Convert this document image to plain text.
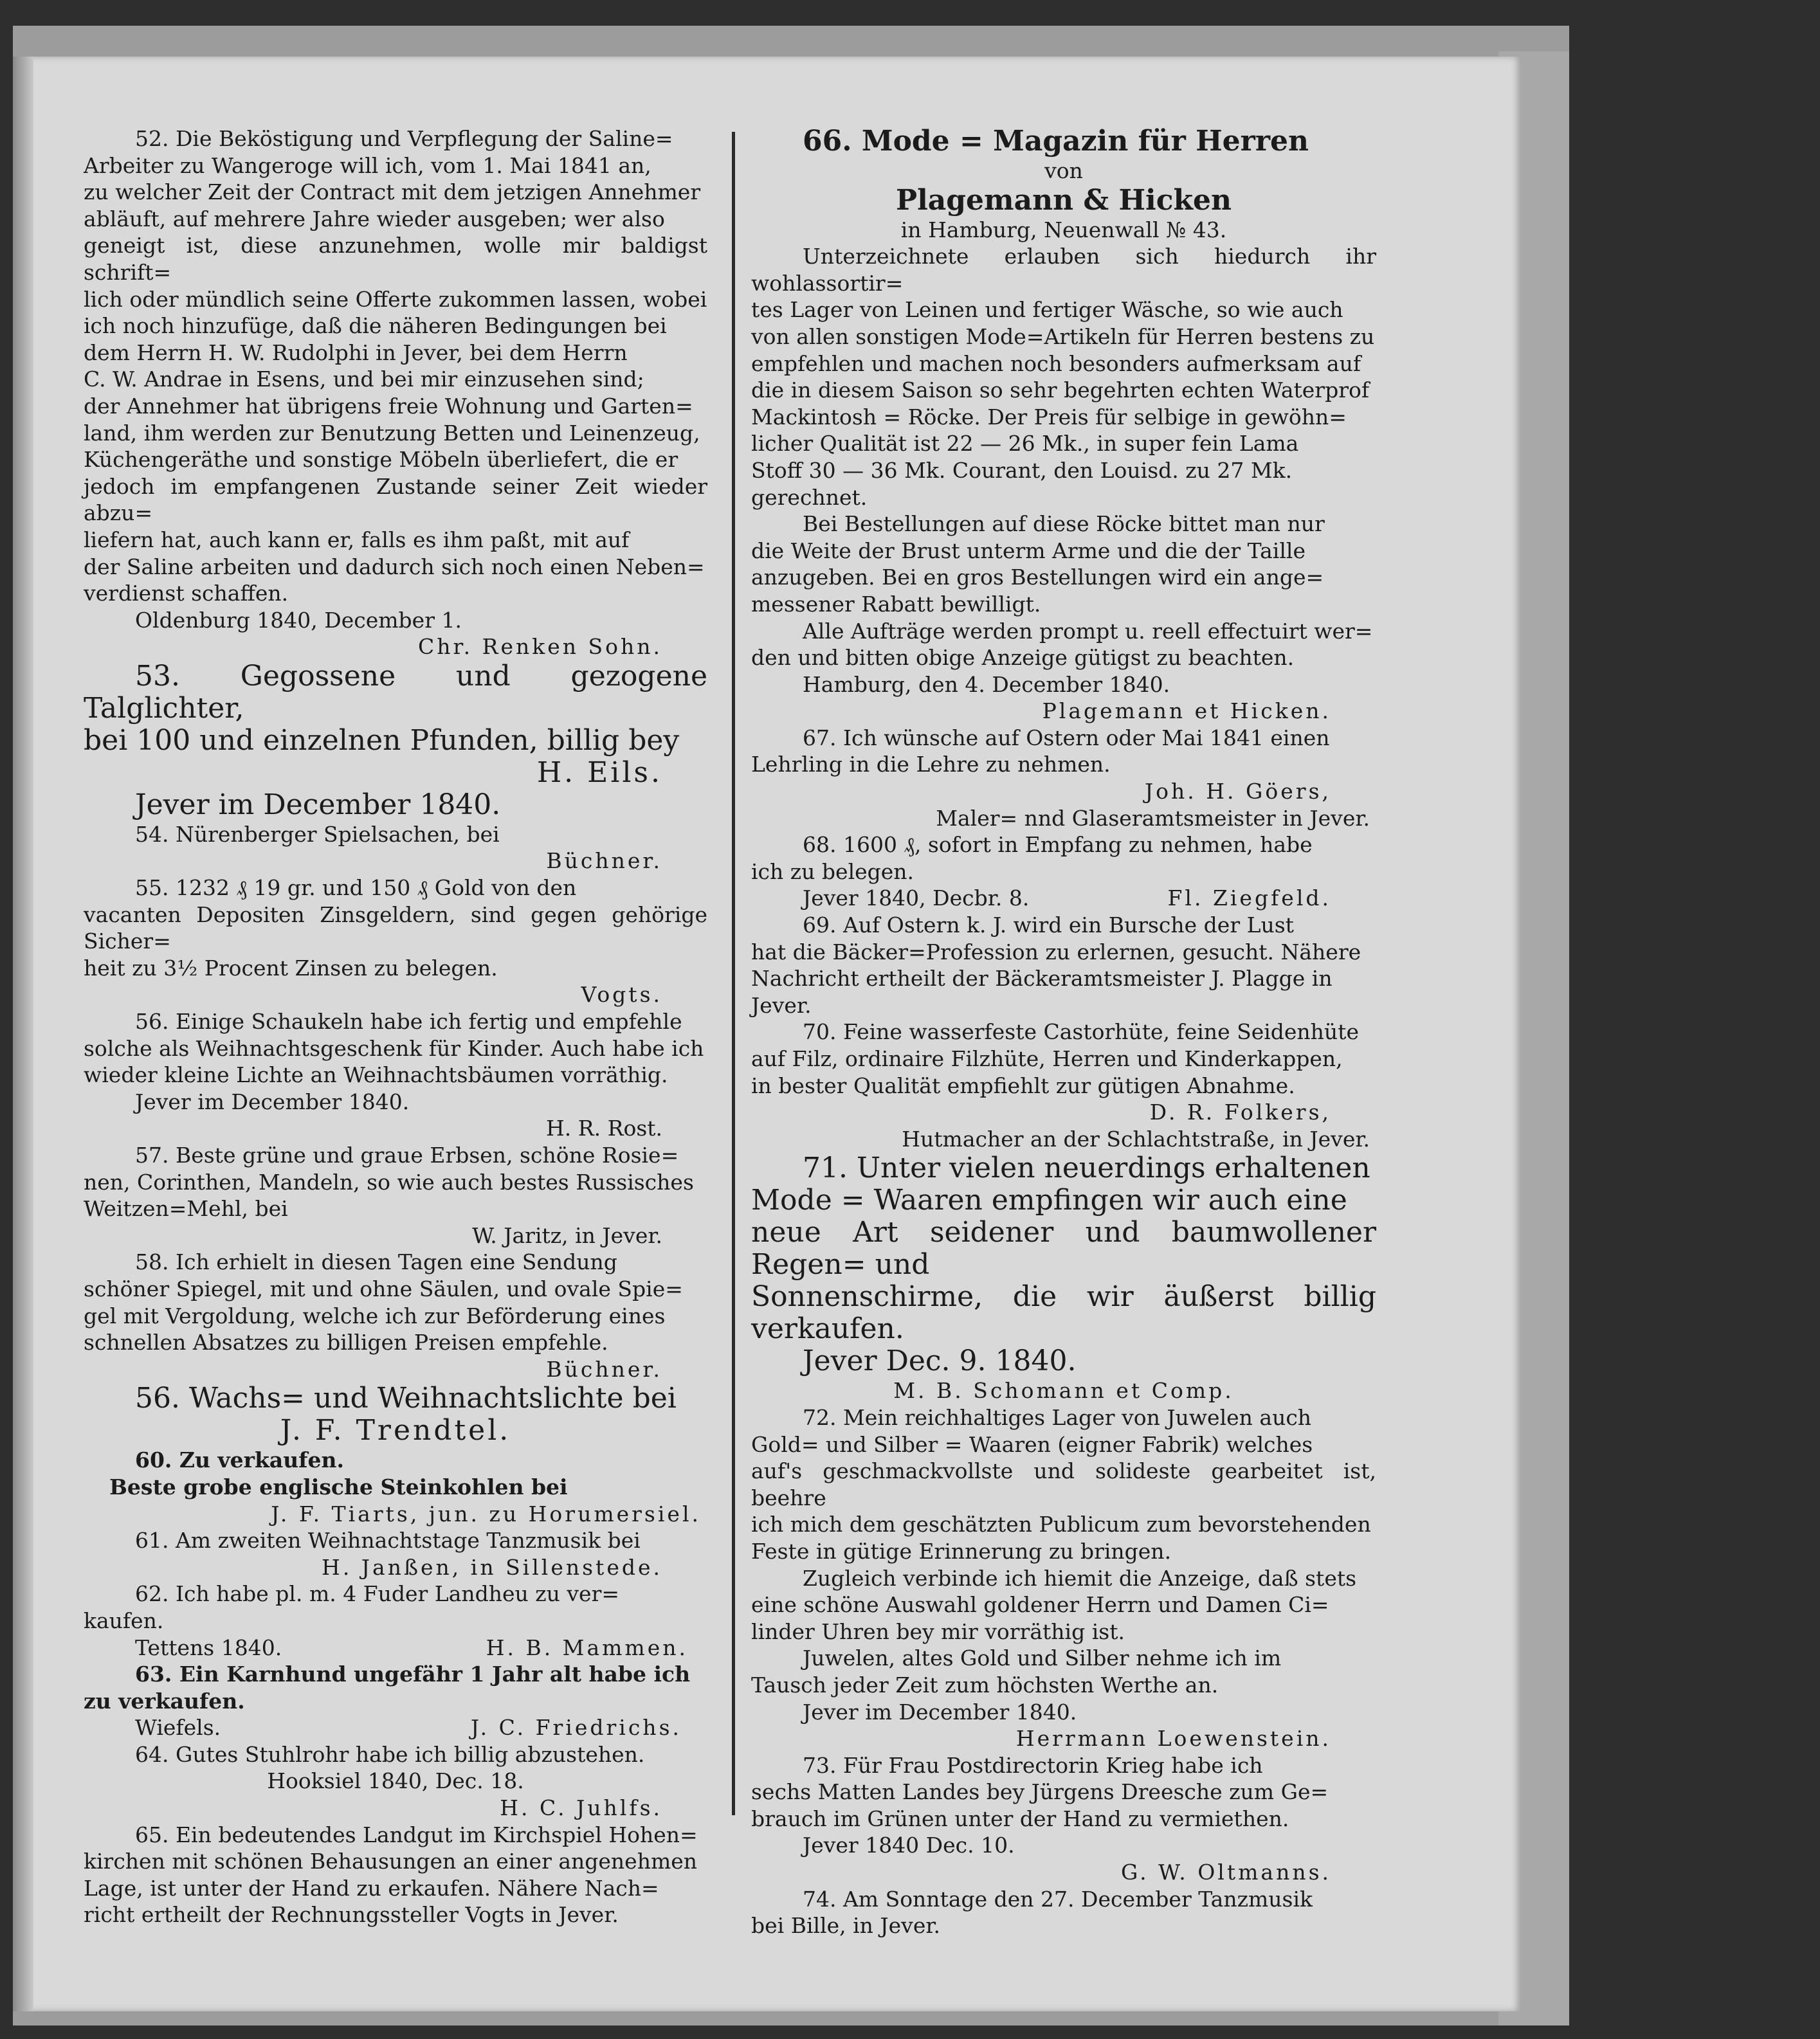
52. Die Beköstigung und Verpflegung der Saline=

Arbeiter zu Wangeroge will ich, vom 1. Mai 1841 an,

zu welcher Zeit der Contract mit dem jetzigen Annehmer

abläuft, auf mehrere Jahre wieder ausgeben; wer also

geneigt ist, diese anzunehmen, wolle mir baldigst schrift=

lich oder mündlich seine Offerte zukommen lassen, wobei

ich noch hinzufüge, daß die näheren Bedingungen bei

dem Herrn H. W. Rudolphi in Jever, bei dem Herrn

C. W. Andrae in Esens, und bei mir einzusehen sind;

der Annehmer hat übrigens freie Wohnung und Garten=

land, ihm werden zur Benutzung Betten und Leinenzeug,

Küchengeräthe und sonstige Möbeln überliefert, die er

jedoch im empfangenen Zustande seiner Zeit wieder abzu=

liefern hat, auch kann er, falls es ihm paßt, mit auf

der Saline arbeiten und dadurch sich noch einen Neben=

verdienst schaffen.

Oldenburg 1840, December 1.

Chr. Renken Sohn.

53. Gegossene und gezogene Talglichter,

bei 100 und einzelnen Pfunden, billig bey

H. Eils.

Jever im December 1840.

54. Nürenberger Spielsachen, bei

Büchner.

55. 1232 ₰ 19 gr. und 150 ₰ Gold von den

vacanten Depositen Zinsgeldern, sind gegen gehörige Sicher=

heit zu 3½ Procent Zinsen zu belegen.

Vogts.

56. Einige Schaukeln habe ich fertig und empfehle

solche als Weihnachtsgeschenk für Kinder. Auch habe ich

wieder kleine Lichte an Weihnachtsbäumen vorräthig.

Jever im December 1840.

H. R. Rost.

57. Beste grüne und graue Erbsen, schöne Rosie=

nen, Corinthen, Mandeln, so wie auch bestes Russisches

Weitzen=Mehl, bei

W. Jaritz, in Jever.

58. Ich erhielt in diesen Tagen eine Sendung

schöner Spiegel, mit und ohne Säulen, und ovale Spie=

gel mit Vergoldung, welche ich zur Beförderung eines

schnellen Absatzes zu billigen Preisen empfehle.

Büchner.

56. Wachs= und Weihnachtslichte bei

J. F. Trendtel.

60. Zu verkaufen.

Beste grobe englische Steinkohlen bei

J. F. Tiarts, jun. zu Horumersiel.

61. Am zweiten Weihnachtstage Tanzmusik bei

H. Janßen, in Sillenstede.

62. Ich habe pl. m. 4 Fuder Landheu zu ver=

kaufen.

Tettens 1840.	H. B. Mammen.

63. Ein Karnhund ungefähr 1 Jahr alt habe ich

zu verkaufen.

Wiefels.	J. C. Friedrichs.

64. Gutes Stuhlrohr habe ich billig abzustehen.

Hooksiel 1840, Dec. 18.

H. C. Juhlfs.

65. Ein bedeutendes Landgut im Kirchspiel Hohen=

kirchen mit schönen Behausungen an einer angenehmen

Lage, ist unter der Hand zu erkaufen. Nähere Nach=

richt ertheilt der Rechnungssteller Vogts in Jever.

66. Mode = Magazin für Herren

von

Plagemann & Hicken

in Hamburg, Neuenwall № 43.

Unterzeichnete erlauben sich hiedurch ihr wohlassortir=

tes Lager von Leinen und fertiger Wäsche, so wie auch

von allen sonstigen Mode=Artikeln für Herren bestens zu

empfehlen und machen noch besonders aufmerksam auf

die in diesem Saison so sehr begehrten echten Waterprof

Mackintosh = Röcke. Der Preis für selbige in gewöhn=

licher Qualität ist 22 — 26 Mk., in super fein Lama

Stoff 30 — 36 Mk. Courant, den Louisd. zu 27 Mk.

gerechnet.

Bei Bestellungen auf diese Röcke bittet man nur

die Weite der Brust unterm Arme und die der Taille

anzugeben. Bei en gros Bestellungen wird ein ange=

messener Rabatt bewilligt.

Alle Aufträge werden prompt u. reell effectuirt wer=

den und bitten obige Anzeige gütigst zu beachten.

Hamburg, den 4. December 1840.

Plagemann et Hicken.

67. Ich wünsche auf Ostern oder Mai 1841 einen

Lehrling in die Lehre zu nehmen.

Joh. H. Göers,

Maler= nnd Glaseramtsmeister in Jever.

68. 1600 ₰, sofort in Empfang zu nehmen, habe

ich zu belegen.

Jever 1840, Decbr. 8.	Fl. Ziegfeld.

69. Auf Ostern k. J. wird ein Bursche der Lust

hat die Bäcker=Profession zu erlernen, gesucht. Nähere

Nachricht ertheilt der Bäckeramtsmeister J. Plagge in

Jever.

70. Feine wasserfeste Castorhüte, feine Seidenhüte

auf Filz, ordinaire Filzhüte, Herren und Kinderkappen,

in bester Qualität empfiehlt zur gütigen Abnahme.

D. R. Folkers,

Hutmacher an der Schlachtstraße, in Jever.

71. Unter vielen neuerdings erhaltenen

Mode = Waaren empfingen wir auch eine

neue Art seidener und baumwollener Regen= und

Sonnenschirme, die wir äußerst billig verkaufen.

Jever Dec. 9. 1840.

M. B. Schomann et Comp.

72. Mein reichhaltiges Lager von Juwelen auch

Gold= und Silber = Waaren (eigner Fabrik) welches

auf's geschmackvollste und solideste gearbeitet ist, beehre

ich mich dem geschätzten Publicum zum bevorstehenden

Feste in gütige Erinnerung zu bringen.

Zugleich verbinde ich hiemit die Anzeige, daß stets

eine schöne Auswahl goldener Herrn und Damen Ci=

linder Uhren bey mir vorräthig ist.

Juwelen, altes Gold und Silber nehme ich im

Tausch jeder Zeit zum höchsten Werthe an.

Jever im December 1840.

Herrmann Loewenstein.

73. Für Frau Postdirectorin Krieg habe ich

sechs Matten Landes bey Jürgens Dreesche zum Ge=

brauch im Grünen unter der Hand zu vermiethen.

Jever 1840 Dec. 10.

G. W. Oltmanns.

74. Am Sonntage den 27. December Tanzmusik

bei Bille, in Jever.
